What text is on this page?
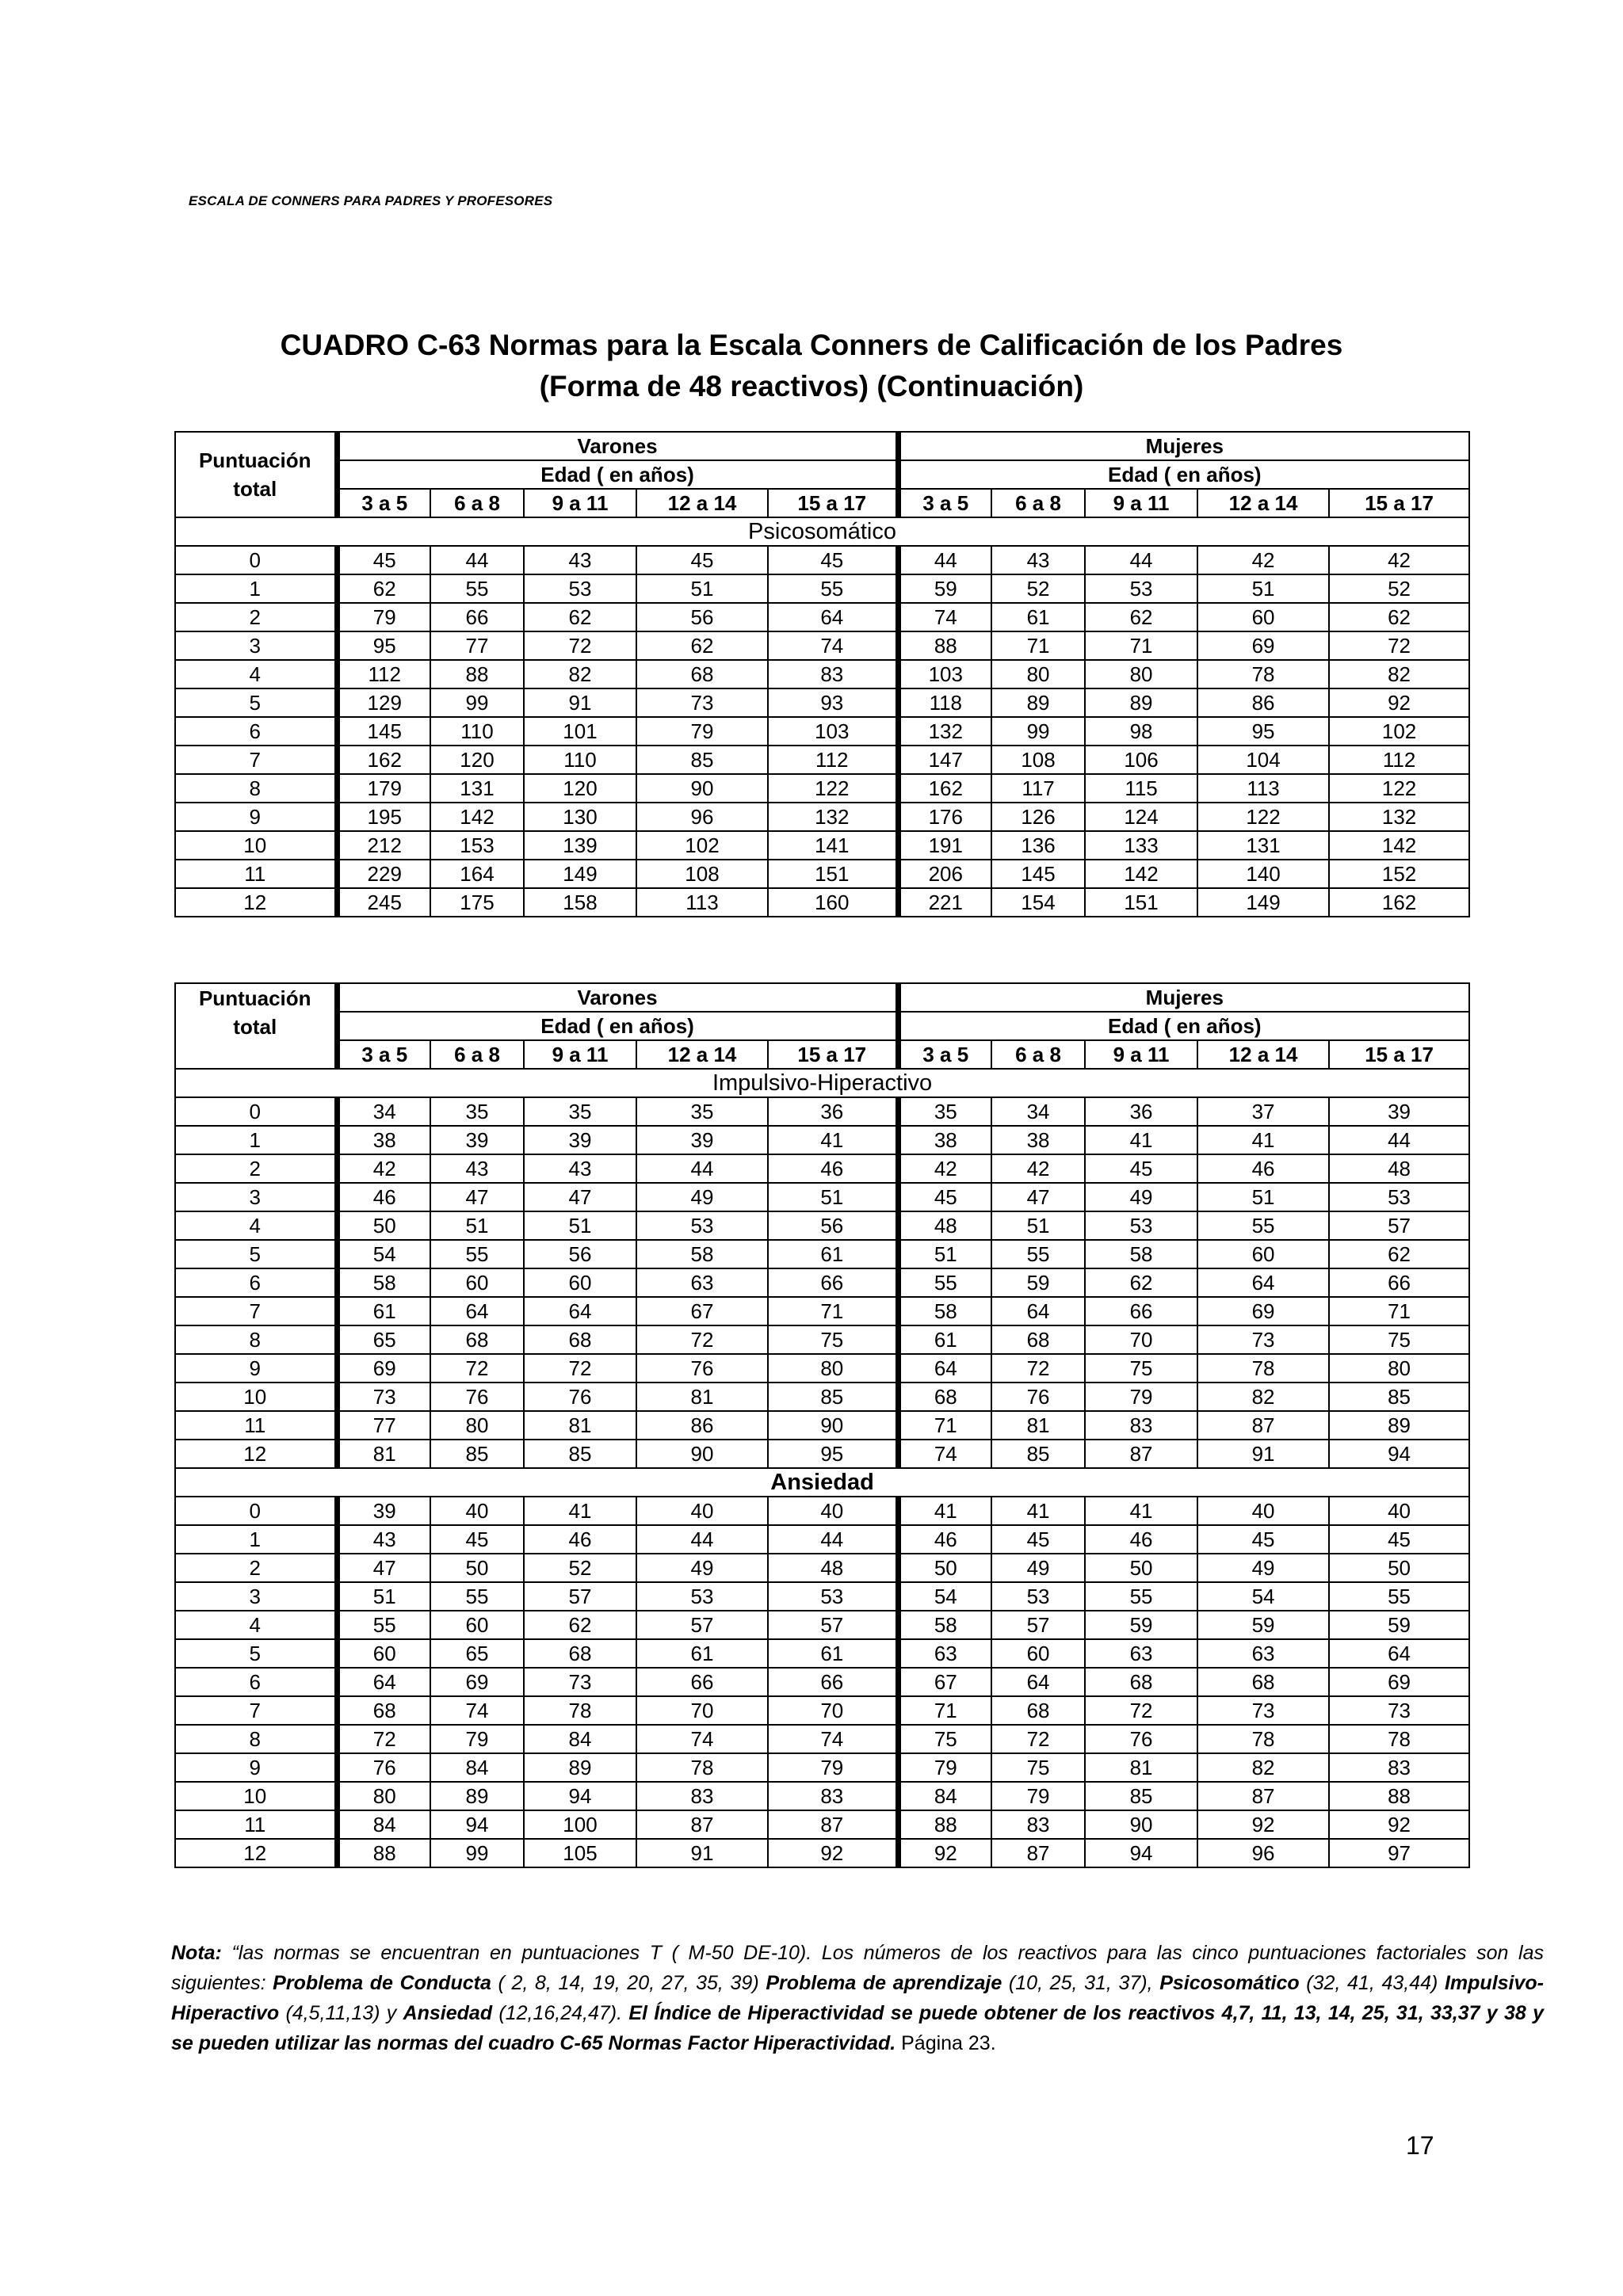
ESCALA DE CONNERS PARA PADRES Y PROFESORES
CUADRO C-63 Normas para la Escala Conners de Calificación de los Padres
(Forma de 48 reactivos) (Continuación)
Puntuación
total	Varones					Mujeres				
	Edad ( en años)					Edad ( en años)				
	3 a 5	6 a 8	9 a 11	12 a 14	15 a 17	3 a 5	6 a 8	9 a 11	12 a 14	15 a 17
Psicosomático										
0	45	44	43	45	45	44	43	44	42	42
1	62	55	53	51	55	59	52	53	51	52
2	79	66	62	56	64	74	61	62	60	62
3	95	77	72	62	74	88	71	71	69	72
4	112	88	82	68	83	103	80	80	78	82
5	129	99	91	73	93	118	89	89	86	92
6	145	110	101	79	103	132	99	98	95	102
7	162	120	110	85	112	147	108	106	104	112
8	179	131	120	90	122	162	117	115	113	122
9	195	142	130	96	132	176	126	124	122	132
10	212	153	139	102	141	191	136	133	131	142
11	229	164	149	108	151	206	145	142	140	152
12	245	175	158	113	160	221	154	151	149	162
Puntuación
total	Varones					Mujeres				
	Edad ( en años)					Edad ( en años)				
	3 a 5	6 a 8	9 a 11	12 a 14	15 a 17	3 a 5	6 a 8	9 a 11	12 a 14	15 a 17
Impulsivo-Hiperactivo										
0	34	35	35	35	36	35	34	36	37	39
1	38	39	39	39	41	38	38	41	41	44
2	42	43	43	44	46	42	42	45	46	48
3	46	47	47	49	51	45	47	49	51	53
4	50	51	51	53	56	48	51	53	55	57
5	54	55	56	58	61	51	55	58	60	62
6	58	60	60	63	66	55	59	62	64	66
7	61	64	64	67	71	58	64	66	69	71
8	65	68	68	72	75	61	68	70	73	75
9	69	72	72	76	80	64	72	75	78	80
10	73	76	76	81	85	68	76	79	82	85
11	77	80	81	86	90	71	81	83	87	89
12	81	85	85	90	95	74	85	87	91	94
Ansiedad										
0	39	40	41	40	40	41	41	41	40	40
1	43	45	46	44	44	46	45	46	45	45
2	47	50	52	49	48	50	49	50	49	50
3	51	55	57	53	53	54	53	55	54	55
4	55	60	62	57	57	58	57	59	59	59
5	60	65	68	61	61	63	60	63	63	64
6	64	69	73	66	66	67	64	68	68	69
7	68	74	78	70	70	71	68	72	73	73
8	72	79	84	74	74	75	72	76	78	78
9	76	84	89	78	79	79	75	81	82	83
10	80	89	94	83	83	84	79	85	87	88
11	84	94	100	87	87	88	83	90	92	92
12	88	99	105	91	92	92	87	94	96	97
Nota: “las normas se encuentran en puntuaciones T ( M-50 DE-10). Los números de los reactivos para las cinco puntuaciones factoriales son las siguientes: Problema de Conducta ( 2, 8, 14, 19, 20, 27, 35, 39) Problema de aprendizaje (10, 25, 31, 37), Psicosomático (32, 41, 43,44) Impulsivo-Hiperactivo (4,5,11,13) y Ansiedad (12,16,24,47). El Índice de Hiperactividad se puede obtener de los reactivos 4,7, 11, 13, 14, 25, 31, 33,37 y 38 y se pueden utilizar las normas del cuadro C-65 Normas Factor Hiperactividad. Página 23.
17
